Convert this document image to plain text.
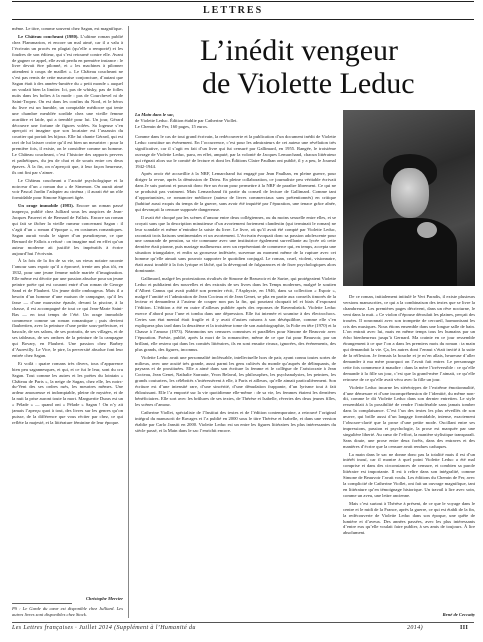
LETTRES
L’inédit vengeur
de Violette Leduc

même. Le titre, comme souvent chez Sagan, est magnifique.

Le Château coucheant (1980). L’ultime roman publié chez Flammarion, et encore un mal aimé, car il a valu à l’écrivain un procès en plagiat (qu’elle a remporté) et les foudres de son éditeur, qui s’est retourné contre elle. Avant de gagner ce appel, elle avait perdu en première instance : le livre devait être pilonné, et « les machines à pilonner attendent à coups de maillet ». Le Château coucheant ne s’est pas remis de cette mauvaise conjoncture, d’autant que Sagan était à des années-lumière du « petit monde » auquel on voulait bien la limiter. Ici, pas de whisky, pas de folles nuits dans les boîtes à la mode : pas de Courchevel ni de Saint-Tropez. On est dans les confins du Nord, et le héros du livre est un humble, un comptable médiocre qui tente une chambre meublée sordide chez une vieille femme acariâtre et laide, qui a tremblé pour lui. Un jour, Gérard découvre une fortune de figures volées. Sa logeuse s’en aperçoit et imagine que son locataire est l’assassin du courtier qui portait les bijoux. Elle lui chante Gérard, qui est ravi de lui laisser croire qu’il est bien un meurtrier : pour la première fois, il existe, on le considère comme un homme. Le Château coucheant, c’est l’histoire des rapports pervers et pathétiques, du jeu de chat et de souris entre ces deux épaves. À la fin, on n’aperçoit que, à leur façon heureuse, ils ont fini par s’aimer.

Le Château coucheant a l’acuité psychologique et la noirceur d’un « roman dur » de Simenon. On aurait aimé voir Pascal Jardin l’adapter au cinéma ; il aurait été un rôle formidable pour Simone Signoret âgée.

Un orage immobile (1983). Encore un roman passé inaperçu, publié chez Julliard sous les auspices de Jean-Jacques Pauvert et de Bernard de Fallois. Encore un roman qui fait se fâcher la vieille rumeur concernant Sagan : il s’agit d’un « roman d’époque », en costumes romantiques. Sagan aurait voulu le signer d’un pseudonyme, ce que Bernard de Fallois a refusé : on imagine mal en effet qu’un auteur moderne ait justifié les impératifs à écrire aujourd’hui l’écrivain.

À la fois de la fin de sa vie, un vieux notaire raconte l’amour sans espoir qu’il a éprouvé, trente ans plus tôt, en 1832, pour une jeune femme noble mariée d’imagination. Elle même est décrite par une passion absolue pour un jeune peintre poète qui est courant entré d’un roman de George Sand et de Flaubert. Un jeune drôle ombrageux. Mais il a besoin d’un homme d’une maison de campagne, qu’il les fasse — d’une mauvaise épaule, devant la piscine, à la chasse, il est accompagné de tout ce qui Jean-Marie Saint-Bas — en tout temps de l’été. Un orage immobile commence comme un roman romantique ; puis devient flaubertien, avec la peinture d’une petite sous-préfecture, et bascule, de ses salons, de ses portraits, de ses villages, et de ses tableaux, de ses ombres de la peinture de la campagne qui Bovary, en Flaubert. Une passion chez Barbey d’Aurevilly. Le Vice, le pire, la perversité absolue font leur entrée chez Sagan.

Et voilà : quatre romans très divers, tous d’apparence bien peu sagannesques, et qui, et ce fut le leur, sont du cru Sagan. Tout comme les autres et les poètes du lointain « Château de Paris », la neige de Sagan, chez elle, les noirs-du-Vent des ses ordres rués, les meurtres mêmes. Une ardeur amoureuse et indomptable, pleine de mystère, et de la nuit la prise auront toute la mort. Marguerite Duras est un « Pélade » — quand ont « Pélade » Sagan ! On n’y ait jamais l’aperçu quoi à tout, des livres sur les genres qu’on puisse, de la différence que vous réciter par chez, ce qui reflète la majesté, et la littérature féminine de leur époque.

Christophe Mercier
PS : Le Garde du cœur est disponible chez Julliard. Les autres livres sont disponibles chez Stock.
La Main dans le sac,
de Violette Leduc. Édition établie par Catherine Viollet.
Le Chemin de Fer, 160 pages, 15 euros.

Comme dans le cas de tout grand écrivain, la redécouverte et la publication d’un document inédit de Violette Leduc constitue un événement. En l’occurrence, c’est pour les admirateurs de cet auteur une révélation très significative, car il s’agit en fait d’un livre qui fut censuré par Gallimard, en 1955. Rangée, le troisième ouvrage de Violette Leduc, paru, en effet, amputé, par la volonté de Jacques Lemarchand, chacun littérateur qui régnait alors sur le comité de lecture et dont les Éditions Claire Paulhan ont publié, il y a peu, le Journal 1942-1944.

Après avoir été accueillie à la NRF, Lemarchand fut engagé par Jean Paulhan, en pleine guerre, pour diriger la revue, après la démission de Drieu. En pleine collaboration, ce journaliste peu véritable écrivait dans Je suis partout et pourrait donc être un écran pour permettre à la NRF de paraître librement. Ce qui ne se produisit pas vraiment. Mais Lemarchand fit partie du conseil de lecture de Gallimard. Comme tant d’opportunistes, ce romancier médiocre (auteur de livres commerciaux sans prétentionnés) en critique (habitué aussi exquis du temps de la guerre, sans avoir été inquiété par l’épuration, une tenace grâce aînée, qui devançait la censure supposée dangereuse.

Il avait été choqué par les scènes d’amour entre deux collégiennes, ou du moins sexuelle entre elles, et se croyait sans que la description minutieuse d’un avortement fortement clandestin (qui terminait le roman) ne leur scandale et même n’entraîne la saisie du livre. Le livre, où qu’il avait été compté par Violette Leduc, racontait trois liaisons sentimentales et un avortement. L’écrivain évoquait donc sa passion adolescente pour une camarade de pension, sa vie commune avec une institutrice également surveillante au lycée où cette dernière était pionne, puis mariage malheureux avec un représentant de commerce qui, en temps, accepta une situation triangulaire, et enfin sa grossesse indésirée, survenue au moment même de la rupture avec cet homme qu’elle aimait sans pouvoir supporter le quotidien conjugal. Le roman, cruel, violent, visionnaire, était aussi troublé à la fois lyrique et lâché, qui la dévergoud de fulgurances et de fixer psychologiques alors dominante.

Gallimard, malgré les protestations rivalisés de Simone de Beauvoir et de Sartre, qui protégeaient Violette Leduc et publiaient des nouvelles et des extraits de ses livres dans les Temps modernes, malgré le soutien d’Albert Camus qui avait publié son premier récit, l’Asphyxie, en 1946, dans sa collection « Espoir », malgré l’amitié et l’admiration de Jean Cocteau et de Jean Genet, se plia en partie aux conseils timorés de la lecteur et demandera à l’auteur de couper non pas la fin, qui pourtant choquait tel et biais d’exposant l’édition. L’édition a été en outre d’ailleurs publiée après des reponses de Ravensbrück. Violette Leduc exerce d’abord pour l’une et tomba dans une dépression. Elle fut internée et soumise à des électrochocs. Certes son état mental était fragile et il y avait d’autres raisons à son déséquilibre, comme elle s’en expliquera plus tard dans la deuxième et la troisième tome de son autobiographie, la Folie en tête (1970) et la Chasse à l’amour (1973). Néanmoins ses censures commises et parallèles pour Simone de Beauvoir avec l’épuration. Poésie, publié, après la mort de la romancière, même de ce que fut pour Beauvoir, par un brillant, elle restera qui dans les comités littéraires, ils en sont ensuite rivaux, ignorées, des événements, des plus grands, des figures, inconnus.

Violette Leduc avait une personnalité incléssable, intellectuelle hors de pair, ayant connu toutes sortes de milieux, avec une acuité très grande, aussi parmi les gens cultivés du monde qu’auprès de délinquants, de paysans et de prostituées. Elle a aimé dans son écriture la femme et le collègue de l’aristocrate à Jean Cocteau, Jean Genet, Nathalie Sarraute, Yvon Belaval, les philosophes, les psychanalystes, les peintres, les grands couturiers, les célébrités s’intéressèrent à elle, à Paris et ailleurs, qu’elle aimait particulièrement. Son écriture est d’une intensité rare, d’une sincérité, d’une dénudation frappante, d’un lyrisme tout à fait éblouissant. Elle l’a emporté sur la vie quotidienne elle-même : de sa vie, les femmes étaient les dernières bénéficiaires. Elle sort avec les brûlures de ses textes, de Thérèse et Isabelle, rêveries des deux jeunes filles, les scènes d’amour.

Catherine Viollet, spécialiste de l’Institut des textes et de l’édition contemporaine, a retrouvé l’original intégral du manuscrit de Ravages et l’a publié en 2000 sous le titre Thérèse et Isabelle, et dans une version établie par Carlo Jansiti en 2000. Violette Leduc est un entre les figures littéraires les plus intéressantes du siècle passé, et la Main dans le sac l’enrichit encore.

De ce roman, initialement intitulé le Vert Paradis, il existe plusieurs versions manuscrites, ce qui a la combinaison des textes que se livre la chambreuse. Les premières pages décrivent, dans un rêve nocturne, le vent dans la nuit. « Ce violon d’épouse déroulait les plaines, perçait des trouées. Il ronronnait avec son trompette de cercueil, harmonisant les cris des musiques. Nous étions ensemble dans une longue salle de bain. L’on entrait avec lui, mais en même temps tous les humains par un écho bienheureux jusqu’à Gernard. Ma crainte en ce jour ressemble étrangement à ce que l’on a dans les premiers mots du roman : ta main qui demandait la vie. Ça, les autres dont l’ennui s’était invité à la suite de la réflexion. Je fermais la bouche et je m’en allais, heureuse d’aller demander à ma mère pourquoi on l’avait fait entrer. Le personnage cette fois commence à maudire : dans la mère l’irréversible : ce qu’elle demande à la fille un jour, c’est que la grand-mère l’aimait, ce qu’elle retrouve de ce qu’elle avait vécu avec la fille un jour.

Violette Leduc incarne les stéréotypes de l’extrême émotionnalité, d’une démesure et d’une incompréhension de l’identité, du même non-dit, comme le dit Violette Leduc dans son dernier entretien. Le style ressemblait à la possibilité de rendre l’intolérable sans jamais tomber dans la complaisance. C’est l’un des textes les plus réveillés de son œuvre, qui brille aussi d’un langage formidable, intense, exactement l’obscure-clarté que la prose d’une petite mode. Oscillant entre ses impressions, passion et psychologie, la prose est marquée par une singulière liberté. Au cœur de l’effort, la manière stylistique transparaît. Sans doute, une prose entre deux forêts, dans des entraves et des manières d’écrire que la censure avait rendues caduques.

La main dans le sac ne donne donc pas la totalité mais il est d’un intérêt inouï, car il montre à quel point Violette Leduc a été mal comprise et dans des circonstances de censure, et combien sa parole littéraire est importante. Il est à relire dans son intégralité, comme Simone de Beauvoir l’avait voulu. Les éditions du Chemin de Fer, avec la complicité de Catherine Viollet, ont fait un ouvrage magnifique, tant en littérature qu’en témoignage historique. Un travail à lire avec soin, comme un aveu, une lettre ancienne.

Mais c’est surtout à Thérèse à présent, de ce que le voyage dans le centre et le midi de la France, après la guerre, ce qui est établi de la fin, la redécouverte de Violette Leduc dans son époque, une quête de lumière et d’aveux. Des années passées, avec les plus intéressants d’entre eux qu’elle voulait faire publier, à ses amis de toujours. À lire absolument.

René de Ceccatty
Les Lettres françaises · Juillet 2014 (Supplément à l’Humanité du	2014)	III
